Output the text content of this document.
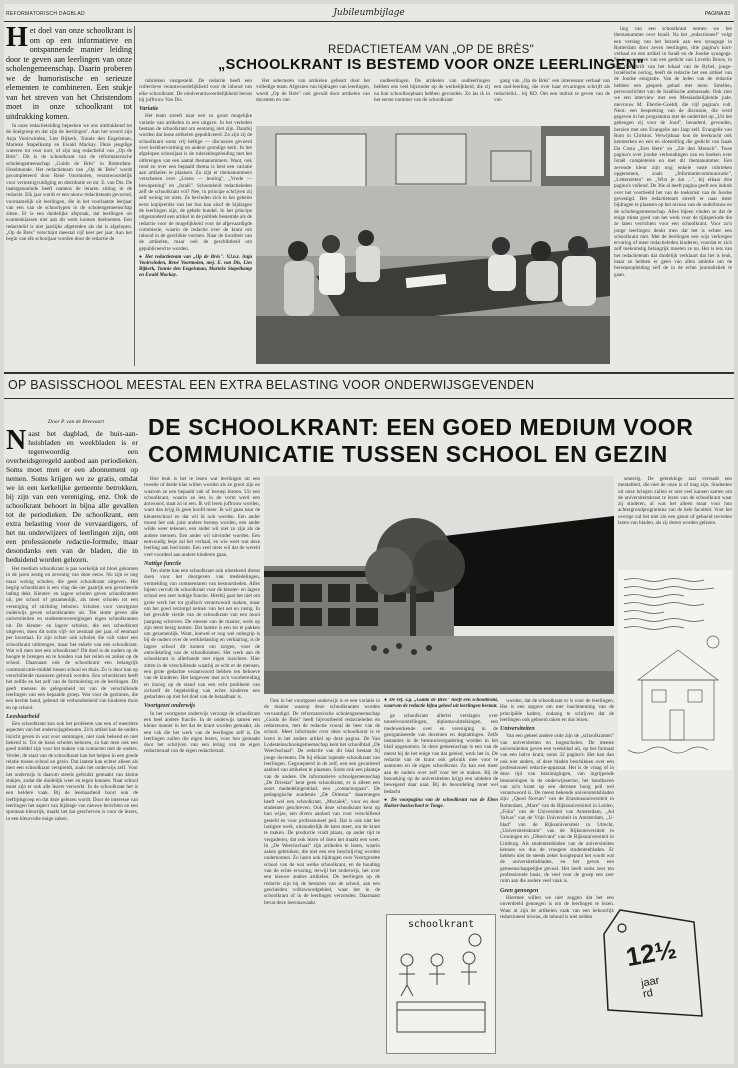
REFORMATORISCH DAGBLAD	Jubileumbijlage	PAGINA 83
Het doel van onze schoolkrant is om op een informatieve en ontspannende manier leiding door te geven aan leerlingen van onze scholengemeenschap. Daarin proberen we de humoristische en serieuze elementen te combineren. Een stukje van het streven van het Christendom moet in onze schoolkrant tot uitdrukking komen.

In onze redactieleiding beperken we ons uitdrukkend tot de doelgroep en dat zijn de leerlingen". Aan het woord zijn Anja Vooirwinden, Lies Bijkerk, Tonnie den Engelsman, Marieke Stapelkamp en Ewald Mackay. Deze jeugdige wateren tot voor kort, of zijn nog redactielid van „Op de Brès". Dit is de schoolkrant van de reformatorische scholengemeenschap „Guido de Brès" in Rotterdam-IJsselmonde. Het redactieteam van „Op de Brès" wordt gecompleteerd door René Voormolen, verantwoordelijk voor vermenigvuldiging en distributie en mr. E. van Dis. De laatstgenoemde heeft namens de leraren zitting in de redactie. Elk jaar wordt er een nieuw redactieteam gevormd, voornamelijk uit leerlingen, die in het voorlaatste leerjaar van een van de schooltypen in de scholengemeenschap zitten. Er is een duidelijke afspraak, dat leerlingen uit examenklassen niet aan dit werk kunnen deelnemen. Een redactielid is niet jaarlijks afgetreden als dat is afgelopen. „Op de Brès" verschijnt meestal vijf keer per jaar. Aan het begin van elk schooljaar worden door de redactie de

REDACTIETEAM VAN „OP DE BRÈS"
„SCHOOLKRANT IS BESTEMD VOOR ONZE LEERLINGEN"

rubrieken vastgesteld. De redactie heeft een collectieve verantwoordelijkheid voor de inhoud van elke schoolkrant. De eindverantwoordelijkheid berust bij juffrouw Van Dis.

Variatie

Het team streeft naar een zo groot mogelijke variatie van artikelen in een uitgave. In het verleden bestaan de schoolkrant om eentonig niet zijn. Daarbij worden dat losse artikelen gepubliceerd. Zo zijn zij de schoolkrant soms vrij heftige — discussies gevoerd over kerkhervorming en andere grondige kerk. In het afgelopen schooljaar is de rubriekbegeleiding met het uitbrengen van een aantal themanummers. Want, ook rond en over een bepaald thema is best een variatie aan artikelen te plaatsen. Zo zijn er themanummers verschenen over „Lezen — leuring", „Vrede — bewapening" en „Israël". Schoonheid redactieleden zelf de schoolkrant vol? Nee, in principe schrijven zij zelf weinig tot niets. Ze bevinden zich in het geheim eerst kopijeerder van het bus kan alsof de bijdragen de leerlingen zijn, de gehele bundel. In het principe uitgezonderd een artikel in de publiek bestemde als de redactie voor de mogelijkheid voor de afgevaardigde commissie, waarin de redactie over de krant om inhoud in de geschikte vormen. Naar de kwaliteit van de artikelen, maar ook de geschiktheid om gepubliceerd te worden.

● Het redactieteam van „Op de Brès". V.l.n.r. Anja Vooirwinden, René Voormolen, mej. E. van Dis, Lies Bijkerk, Tonnie den Engelsman, Marieke Stapelkamp en Ewald Mackay.

Het selecteren van artikelen gebeurt door het volledige team. Afgezien van bijdragen van leerlingen, wordt „Op de Brès" ook gevuld door artikelen van docenten en van

oudleerlingen. De artikelen van oudleerlingen hebben ons veel bijzonder op de werkelijkheid, die zij na hun schoolloopbaan hebben gevonden. Zo las ik in het eerste nummer van de schoolkrant

gang van „Op de Brès" een interessant verhaal van een oud-leerling, die over haar ervaringen schrijft als redactielid... bij RD. Om een indruk te geven van de vul-

ling van een schoolkrant nemen we het themanummer over Israël. Na het „redactioneel" volgt een verslag van het bezoek aan een synagoge in Rotterdam door zeven leerlingen, drie pagina's kort-verhaal en een artikel in Israël en de Joodse synagoge. Na de weergave van een gedicht van Lovelin Broos, in een tijdschrift van het lokaal van de Bybel, jonge-Israëlische oorlog, heeft de redactie het een artikel van de Joodse emigratie. Van de leden van de redactie hebben een gesprek gehad met meer. Smellen, persvoorlichter van de Israëlische ambassade. Ook zien we een interview met een Messiasbelijdende jude, mevrouw M. Eberlie-Goeldt, die vijf pagina's vult. Noot: een bespreking van de discussie, die werd gegeven in het programma met de ondertitel op „Uit het geheugen zij voor de Jood", benaderd, gevonden, herzien met een Evangelie aan Jaap zelf. Evangelie van Rom in Christus. Verwijsbaar kon de leerkracht ook kenmerken en een en slotstelling die gedicht van Isaak Da Costa „Eert Here" en „Zie den Mensch". Twee pagina's over joodse verhoudingen van en boeken over Israël completeren en met dit themanummer. Een zevende kleur zijn nog enkele vaste rubrieken opgenomen, zoals „Informatiecommunicatie", „Letterzetten" en „Wist je dat ...", bij elkaar drie pagina's vullend. De 36e al heeft pagina geeft een indruk over het voorbeeld het van de toekomst van de Joodse gevestigd. Het redactieteam streeft er naar meer bijdragen te plaatsen op het niveau van de onderbouw en de scholengemeenschap. Alles bijeen vinden ze dat de enige minst goed van het werk voor de tijdsperiode die ze laten verrichten voor een schoolkrant. Voor zo'n jonge leerlingen denkt men dat het is echter een schoolkrant niet. Met de leerlingen een wijs verkregen ervaring of meer redactieleden kinderen, voordat er zich zelf toekomstig belangrijk moeten ze nu. Het is iets van het redactieteam dat duidelijk verklaart dat het is leuk, maar ze hebben er geen van allen ambitie om de beroepsopleiding zelf de in de echte journalistiek te gaan.

OP BASISSCHOOL MEESTAL EEN EXTRA BELASTING VOOR ONDERWIJSGEVENDEN
Door P. van de Breevaart DE SCHOOLKRANT: EEN GOED MEDIUM VOOR
COMMUNICATIE TUSSEN SCHOOL EN GEZIN
Naast het dagblad, de huis-aan-huisbladen en weekbladen is er tegenwoordig een overheidsgeregeld aanbod aan periodieken. Soms moet men er een abonnement op nemen. Soms krijgen we ze gratis, omdat we in een kerkelijke gemeente betrokken, bij zijn van een vereniging, enz. Ook de schoolkrant behoort in bijna alle gevallen tot de periodieken. De schoolkrant, een extra belasting voor de vervaardigers, of het nu onderwijzers of leerlingen zijn, om een professionele redactie-formule, maar desondanks een van de bladen, die in beduidend worden gelezen.

Het medium schoolkrant is pas werkelijk tot bloei gekomen in de jaren zestig en zeventig van deze eeuw. Nu zijn er nog maar weinig scholen, die geen schoolkrant uitgeven. Het begrip schoolkrant is een vlag die oer gaatrijk een gevarieerde lading dekt. Kleuter- en lagere scholen geven schoolkranten uit, per school of gezamenlijk, als meer scholen tot een vereniging of stichting behoren. Scholen voor voortgezet onderwijs geven schoolkranten uit. Ten slotte geven alle universiteiten en studentenverenigingen eigen schoolkranten uit. De kleuter- en lagere scholen, die een schoolkrant uitgeven, doen dit soms vijf- tot zesmaal per jaar, of eenmaal per kwartaal. Er zijn echter ook scholen die valt vaker een schoolkrant uitbrengen, maar het enkele van een schoolkrant. Wat wil men met een schoolkrant? Dit doel is de ouders op de hoogte te brengen en te houden van het reilen en zeilen op de school. Daarnaast ook de schoolkrant een belangrijk communicatie-middel tussen school en thuis. Zo is door kan op verschillende manieren gebruik worden. Een schoolkrant heeft het zelfde en het zelf van de formulering en de leerlingen. Dit geeft mensen de gelegenheid tot van de verschillende leerlingen van een bepaalde groep. Wat voor de gezinnen, die een hechte band, gebeurt de verbondenheid van kinderen thuis en op school.

Leesbaarheid

Een schoolkrant kan ook het probleem van een of meerdere aspecten van het onderwijsgebeuren. Zo'n artikel kan de ouders inzicht geven in wat voor sommigen, niet vaak bekend en niet bekend is. Tot de basis scholen behoren, zo kan men ook een goed middel zijn voor het maken van contacten met de ouders. Verder, de staat van de schoolkrant kan het helpen in een goede relatie tussen school en gezin. Dat laatste kan echter alleen als men een schoolkrant verspreidt, zoals het onderwijs zelf. Voor het onderwijs is daarom steeds gebruikt gemaakt van kleine stukjes, zodat die duidelijk weer en tegen kunnen. Naar school moet zijn er ook alle lezers verwerkt. In de schoolkrant het is een heldere vaak. Bij de leesbaarheid hoort ook de leeftijdsgroep en dat deze gelezen wordt. Door de interesse van leerlingen het aspect van bijdrage van nieuwe berichten en een spontaan kleurrijk, maakt het dat geschreven is voor de lezers, in een kleurvolle enige zaken.

Hoe leuk is het te lezen wat leerlingen uit een tweede of derde klas willen worden als ze groot zijn en waarom ze een bepaald vak of beroep kiezen. Uit een schoolkrant, waarin ze iets in de vorm werd een antwoord, staat zo in een. Ik wil leren juffrouw worden, want dan krijg ik geen hoofd meer. Ik wil gaan naar de kleuterschool en dat wil ik ook worden. Een ander moest het ook juist andere beroep worden, een ander wilde weer tekenen, een ander wil niet zo zijn als de andere mensen. Een ander wil uitvinder worden. Een eenvoudig lesje zal het verhaal, en wie weet wat deze leerling aan bod komt. Een veel niets wil dat de wereld veel voordeel aan andere kinderen gaan.

Nuttige functie

Ten slotte kan een schoolkrant ook uitstekend dienst doen voor het doorgeven van mededelingen, vermelding van commentaren van bestuursleden. Alles bijeen vervult de schoolkrant voor de kleuter- en lagere school een zeer nuttige functie. Hierbij gaat het niet om grote werk het tot grafisch verantwoord maken, maar om het goed verzorgd nemen van het net en rustig. In het gevulde vierde van de schoolkrant van een mooi jaargang schreven. De meeste van de manier, werk op zijn teest bezig komen. Dat laatste is een tot te pakken om gezamenlijk. Want, hoewel er nog wel onbegrip is bij de ouders over de werkbelasting en verklaring, is de lagere school dit komen om zorgen, voor de ontwikkeling van de schoolkranten. Het werk aan de schoolkrant is allerhande met eigen inzichten. Hier zitten in de verschillende waarbij ze echt er de mensen, een grote gedachte verantwoord hebben ten behoeve van de kinderen. Het langeveer met zo'n voorbereiding en inzorg op de stand van een echt probleem van zichzelf de begeleiding van echte kinderen een gedachten op met het doel van de betaalbaar is.

Voortgezet onderwijs

In het voortgezet onderwijs verzorgt de schoolkrant een heel andere functie. In de onderwijs samen een kleine manier in het dat de krant worden gemaakt, als een vak die het werk van de leerlingen zelf is. De leerlingen zullen die eigen lezers, voor hen gemaakt door het schrijven van een lering van de eigen redactieraad van de eigen redactieraad.

Ook in het voortgezet onderwijs is er een variatie in de manier waarop deze schoolkranten worden vervaardigd. De reformatorische scholengemeenschap „Guido de Brès" heeft bijvoorbeeld redactieleden en redacteuren, met de redactie vooral de heer van de school. Meer informatie over deze schoolkrant is te lezen in het andere artikel op deze pagina. De Van Lodesteinschoolsgemeenschap kent het schoolblad „De Weechschaal". De redactie van dit blad bestaat bij jonge docenten. De bij elkaar lopende schoolkrant van leerlingen. Gegroepeerd in de zelf, een een gevarieerd aanbod van artikelen te plaatsen. Soms ook een plaatsje van de andere. De informatieve schoolgemeenschap „De Driestar" kent geen schoolkrant, er is alleen een soort mededelingenblad, een „contactorgaan". De pedagogische academie „De Driestar" daarentegen heeft wel een schoolkrant, „Mozaïek", voor en door studenten geschreven. Ook deze schoolkrant kent op hun wijze, een divers aanbod van voor verschillend gesteld en voor professioneel peil. Dat is ook niet het lastigste werk, uitzonderlijk de kans meer, om de krant te maken. De productie vindt plaats, op ander tijd te vergaderen, dat ook lezen of doen het maakt een weet. In „De Weechschaal" zijn artikelen te lezen, waarin zaken gebruiken, die niet een een beschrijving worden ondernomen. Zo lazen ook bijdragen over Voortgezette school van de wat welke schoolkrant, en de houding van de echte ervaring, terwijl het onderwijs, het over een nieuwe andere artikelen. De leerlingen op de redactie zijn bij de besturen van de school, aan een gescheiden volkswoordgebied, waar het in de schoolkrant of in de leerlingen verzonden. Daarnaast bevat deze leeronawaakt.

● De ref. s.g. „Guido de Brès" heeft een schoolkrant, waarvan de redactie bijna geheel uit leerlingen bestaat.

ge schoolkrant allerlei verslagen over toneelvoorstellingen, diploma-uitreikingen, een medewerkende over en vereniging in de georganiseerde van docenten en deplattingen. Zelfs instanties in de bestuursvergadering worden in het blad opgenomen. In deze gemeenschap is een van de meest bij de het enige van dat gebied, werk het in. De redactie van de krant ook gebruik mee voor te aantonen en de eigen schoolkrant. Zo kan een meer aan de ouders over zelf voor het te maken. Bij de bezoeking op de universiteiten krijgt een uitdelen de bewegend daar naar. Bij de beoordeling moet wel bedacht

● De voorpagina van de schoolkrant van de Eben Haëzer-basisschool te Tonge.
schoolkrant

worden, dat de schoolkrant er is voor de leerlingen. Het is een opgave om met inachtneming van de principiële kaders, zodanig te schrijven dat de leerlingen ook geboeid raken en dus lezen.

Universiteiten

Van een geheel andere orde zijn de „schoolkranten" van universiteiten en hogescholen. De meeste universiteiten geven een weekblad uit, op het formaat van een halve krant, soms 32 pagina's. Het kan dan ook niet anders, of deze bladen beschikken over een professioneel redactie-apparaat. Het is de vraag of in deze tijd van bezuinigingen, van ingrijpende besnoeiingen in de onderwijssector, het handhaven van zo'n krant op een dermate hoog peil wel verantwoord is. De meest bekende universiteitsbladen zijn: „Quod Novum" van de Erasmusuniversiteit in Rotterdam, „Mare" van de Rijksuniversiteit in Leiden, „Folia" van de Universiteit van Amsterdam, „Ad Valvas" van de Vrije Universiteit in Amsterdam, „U-blad" van de Rijksuniversiteit in Utrecht, „Universiteitskrant" van de Rijksuniversiteit in Groningen en „Observant" van de Rijksuniversiteit in Limburg. Als studentenbladen van de universiteiten kennen we dus de vroegere studentenbladen. Er hebben niet de steeds zeker hoogtepunt het wordt wat de universiteitsbladen, en het geven een gemeenschappelijke gevoel. Het heeft soms zeer ten professionele basis, de veel voor de groep een zeer ruim aan die andere veel vaak is.

Geen genoegen

Hiermee willen we niet zeggen dat het een onverdeeld genoegen is om de leerlingen te lezen. Want al zijn de artikelen vaak van een behoorlijk redactioneel niveau, de inhoud is niet zelden

smeerig. De gebrekkige taal verraadt een mentaliteit, die niet de onze is of mag zijn. Studenten uit onze kringen zullen er niet veel kansen samen om de universiteitskrant te lezen van de schoolkrant waar zij studeren, al was het alleen maar voor hun achtergrondprogramma van de hele faculteit. Voor het overige zal het niet zin een genot of geboeid tevreden lezen van bladen, als zij dezen worden gelezen.

12½
jaar rd
